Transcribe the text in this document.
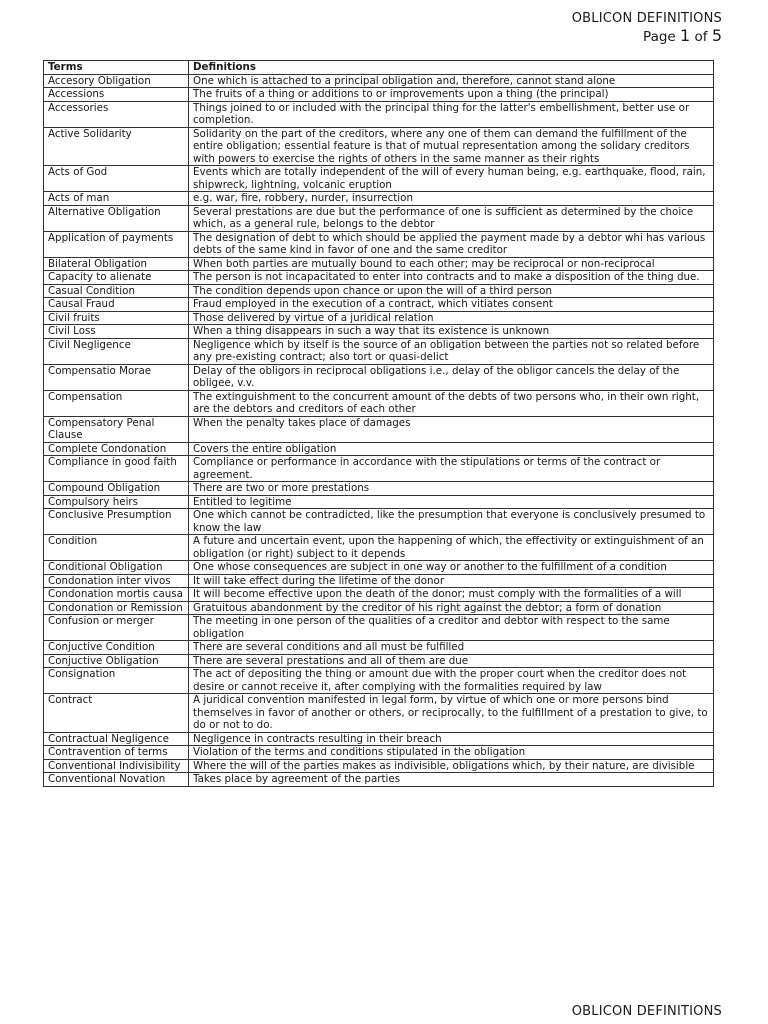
OBLICON DEFINITIONS
Page 1 of 5
Terms	Definitions
Accesory Obligation	One which is attached to a principal obligation and, therefore, cannot stand alone
Accessions	The fruits of a thing or additions to or improvements upon a thing (the principal)
Accessories	Things joined to or included with the principal thing for the latter's embellishment, better use or completion.
Active Solidarity	Solidarity on the part of the creditors, where any one of them can demand the fulfillment of the entire obligation; essential feature is that of mutual representation among the solidary creditors with powers to exercise the rights of others in the same manner as their rights
Acts of God	Events which are totally independent of the will of every human being, e.g. earthquake, flood, rain, shipwreck, lightning, volcanic eruption
Acts of man	e.g. war, fire, robbery, nurder, insurrection
Alternative Obligation	Several prestations are due but the performance of one is sufficient as determined by the choice which, as a general rule, belongs to the debtor
Application of payments	The designation of debt to which should be applied the payment made by a debtor whi has various debts of the same kind in favor of one and the same creditor
Bilateral Obligation	When both parties are mutually bound to each other; may be reciprocal or non-reciprocal
Capacity to alienate	The person is not incapacitated to enter into contracts and to make a disposition of the thing due.
Casual Condition	The condition depends upon chance or upon the will of a third person
Causal Fraud	Fraud employed in the execution of a contract, which vitiates consent
Civil fruits	Those delivered by virtue of a juridical relation
Civil Loss	When a thing disappears in such a way that its existence is unknown
Civil Negligence	Negligence which by itself is the source of an obligation between the parties not so related before any pre-existing contract; also tort or quasi-delict
Compensatio Morae	Delay of the obligors in reciprocal obligations i.e., delay of the obligor cancels the delay of the obligee, v.v.
Compensation	The extinguishment to the concurrent amount of the debts of two persons who, in their own right, are the debtors and creditors of each other
Compensatory Penal Clause	When the penalty takes place of damages
Complete Condonation	Covers the entire obligation
Compliance in good faith	Compliance or performance in accordance with the stipulations or terms of the contract or agreement.
Compound Obligation	There are two or more prestations
Compulsory heirs	Entitled to legitime
Conclusive Presumption	One which cannot be contradicted, like the presumption that everyone is conclusively presumed to know the law
Condition	A future and uncertain event, upon the happening of which, the effectivity or extinguishment of an obligation (or right) subject to it depends
Conditional Obligation	One whose consequences are subject in one way or another to the fulfillment of a condition
Condonation inter vivos	It will take effect during the lifetime of the donor
Condonation mortis causa	It will become effective upon the death of the donor; must comply with the formalities of a will
Condonation or Remission	Gratuitous abandonment by the creditor of his right against the debtor; a form of donation
Confusion or merger	The meeting in one person of the qualities of a creditor and debtor with respect to the same obligation
Conjuctive Condition	There are several conditions and all must be fulfilled
Conjuctive Obligation	There are several prestations and all of them are due
Consignation	The act of depositing the thing or amount due with the proper court when the creditor does not desire or cannot receive it, after complying with the formalities required by law
Contract	A juridical convention manifested in legal form, by virtue of which one or more persons bind themselves in favor of another or others, or reciprocally, to the fulfillment of a prestation to give, to do or not to do.
Contractual Negligence	Negligence in contracts resulting in their breach
Contravention of terms	Violation of the terms and conditions stipulated in the obligation
Conventional Indivisibility	Where the will of the parties makes as indivisible, obligations which, by their nature, are divisible
Conventional Novation	Takes place by agreement of the parties
OBLICON DEFINITIONS
